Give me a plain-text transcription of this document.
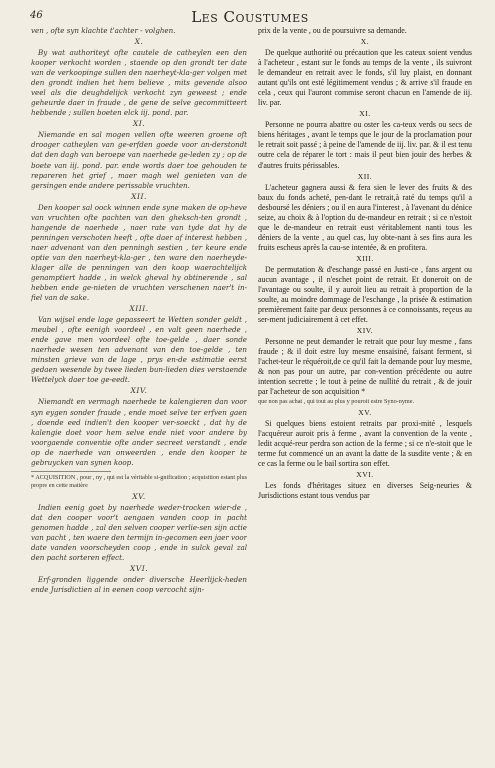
46	Les Coustumes

ven , ofte syn klachte t'achter - volghen.

X.

By wat authoriteyt ofte cautele de catheylen een den kooper verkocht worden , staende op den grondt ter date van de verkoopinge sullen den naerheyt-kla-ger volgen met den grondt indien het hem believe , mits gevende alsoo veel als die deughdelijck verkocht zyn geweest ; ende geheurde daer in fraude , de gene de selve gecommitteert hebbende ; sullen boeten elck iij. pond. par.

XI.

Niemande en sal mogen vellen ofte weeren groene oft drooger catheylen van ge-erfden goede voor an-derstondt dat den dagh van beroepe van naerhede ge-leden zy ; op de boete van iij. pond. par. ende words daer toe gehouden te repareren het grief , maer magh wel genieten van de gersingen ende andere perissable vruchten.

XII.

Den kooper sal oock winnen ende syne maken de op-heve van vruchten ofte pachten van den gheksch-ten grondt , hangende de naerhede , naer rate van tyde dat hy de penningen verschoten heeft , ofte daer af interest hebben , naer advenant van den penningh sestien , ter keure ende optie van den naerheyt-kla-ger , ten ware den naerheyde-klager alle de penningen van den koop waerachtelijck genamptiert hadde , in welck gheval hy obtinerende , sal hebben ende ge-nieten de vruchten verschenen naer't in-fiel van de sake.

XIII.

Van wijsel ende lage gepasseert te Wetten sonder geldt , meubel , ofte eenigh voordeel , en valt geen naerhede , ende gave men voordeel ofte toe-gelde , daer sonde naerhede wesen ten advenant van den toe-gelde , ten minsten grieve van de lage , prys en-de estimatie eerst gedaen wesende by twee lieden bun-lieden dies verstaende Wettelyck daer toe ge-eedt.

XIV.

Niemandt en vermagh naerhede te kalengieren dan voor syn eygen sonder fraude , ende moet selve ter erfven gaen , doende eed indien't den kooper ver-soeckt , dat hy de kalengie doet voor hem selve ende niet voor andere by voorgaende conventie ofte ander secreet verstandt , ende op de naerhede van onweerden , ende den kooper te gebruycken van synen koop.

* ACQUISITION , pour , ny , qui est la véritable si-gnification ; acquisition estant plus propre en cette matière
XV.

Indien eenig goet by naerhede weder-trocken wier-de , dat den cooper voor't aengaen vanden coop in pacht genomen hadde , zal den selven cooper verlie-sen sijn actie van pacht , ten waere den termijn in-gecomen een jaer voor date vanden voorscheyden coop , ende in sulck geval zal den pacht sorteren effect.

XVI.

Erf-gronden liggende onder diversche Heerlijck-heden ende Jurisdictien al in eenen coop vercocht sijn-

prix de la vente , ou de poursuivre sa demande.

X.

De quelque authorité ou précaution que les cateux soient vendus à l'acheteur , estant sur le fonds au temps de la vente , ils suivront le demandeur en retrait avec le fonds, s'il luy plaist, en donnant autant qu'ils ont esté légitimement vendus ; & arrive s'il fraude en cela , ceux qui l'auront commise seront chacun en l'amende de iij. liv. par.

XI.

Personne ne pourra abattre ou oster les ca-teux verds ou secs de biens héritages , avant le temps que le jour de la proclamation pour le retrait soit passé ; à peine de l'amende de iij. liv. par. & il est tenu outre cela de réparer le tort : mais il peut bien jouir des herbes & d'autres fruits périssables.

XII.

L'acheteur gagnera aussi & fera sien le lever des fruits & des baux du fonds acheté, pen-dant le retrait,à raté du temps qu'il a desboursé les déniers ; ou il en aura l'interest , à l'avenant du dénice seize, au choix & à l'option du de-mandeur en retrait ; si ce n'estoit que le de-mandeur en retrait eust véritablement nanti tous les déniers de la vente , au quel cas, luy obte-nant à ses fins aura les fruits escheus après la cau-se intentée, & en profitera.

XIII.

De permutation & d'eschange passé en Justi-ce , fans argent ou aucun avantage , il n'eschet point de retrait. Et doneroit on de l'avantage ou soulte, il y auroit lieu au retrait à proportion de la soulte, au moindre dommage de l'eschange , la prisée & estimation premièrement faite par deux personnes à ce connoissants, reçeus au ser-ment judiciairement à cet effet.

XIV.

Personne ne peut demander le retrait que pour luy mesme , fans fraude ; & il doit estre luy mesme ensaisiné, faisant ferment, si l'achet-teur le réquéroit,de ce qu'il fait la demande pour luy mesme, & non pas pour un autre, par con-vention précédente ou autre intention secrette ; le tout à peine de nullité du retrait , & de jouir par l'acheteur de son acquisition *

que non pas achat , qui tout au plus y pouroit estre Syno-nyme.
XV.

Si quelques biens estoient retraits par proxi-mité , lesquels l'acquéreur auroit pris à ferme , avant la convention de la vente , ledit acqué-reur perdra son action de la ferme ; si ce n'e-stoit que le terme fut commencé un an avant la datte de la susdite vente ; & en ce cas la ferme ou le bail sortira son effet.

XVI.

Les fonds d'héritages situez en diverses Seig-neuries & Jurisdictions estant tous vendus par
